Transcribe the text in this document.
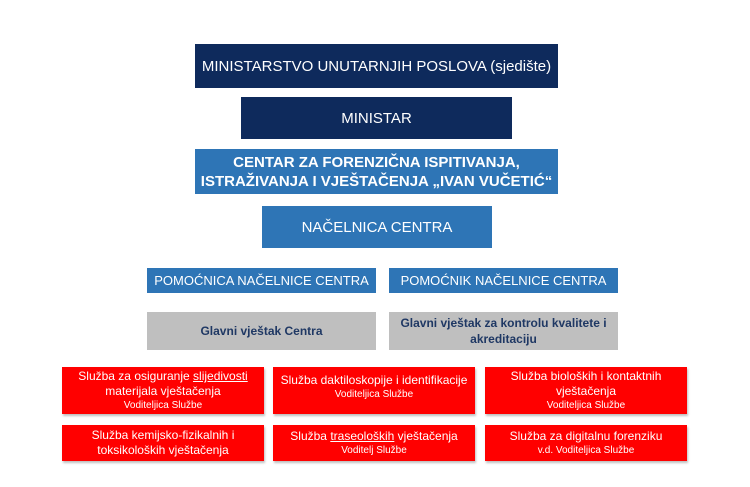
MINISTARSTVO UNUTARNJIH POSLOVA (sjedište)
MINISTAR
CENTAR ZA FORENZIČNA ISPITIVANJA,
ISTRAŽIVANJA I VJEŠTAČENJA „IVAN VUČETIĆ“
NAČELNICA CENTRA
POMOĆNICA NAČELNICE CENTRA POMOĆNIK NAČELNICE CENTRA
Glavni vještak Centra
Glavni vještak za kontrolu kvalitete i
akreditaciju
Služba za osiguranje slijedivosti
materijala vještačenja
Voditeljica Službe
Služba daktiloskopije i identifikacije
Voditeljica Službe
Služba bioloških i kontaktnih
vještačenja
Voditeljica Službe
Služba kemijsko-fizikalnih i
toksikoloških vještačenja
Služba traseoloških vještačenja
Voditelj Službe
Služba za digitalnu forenziku
v.d. Voditeljica Službe
